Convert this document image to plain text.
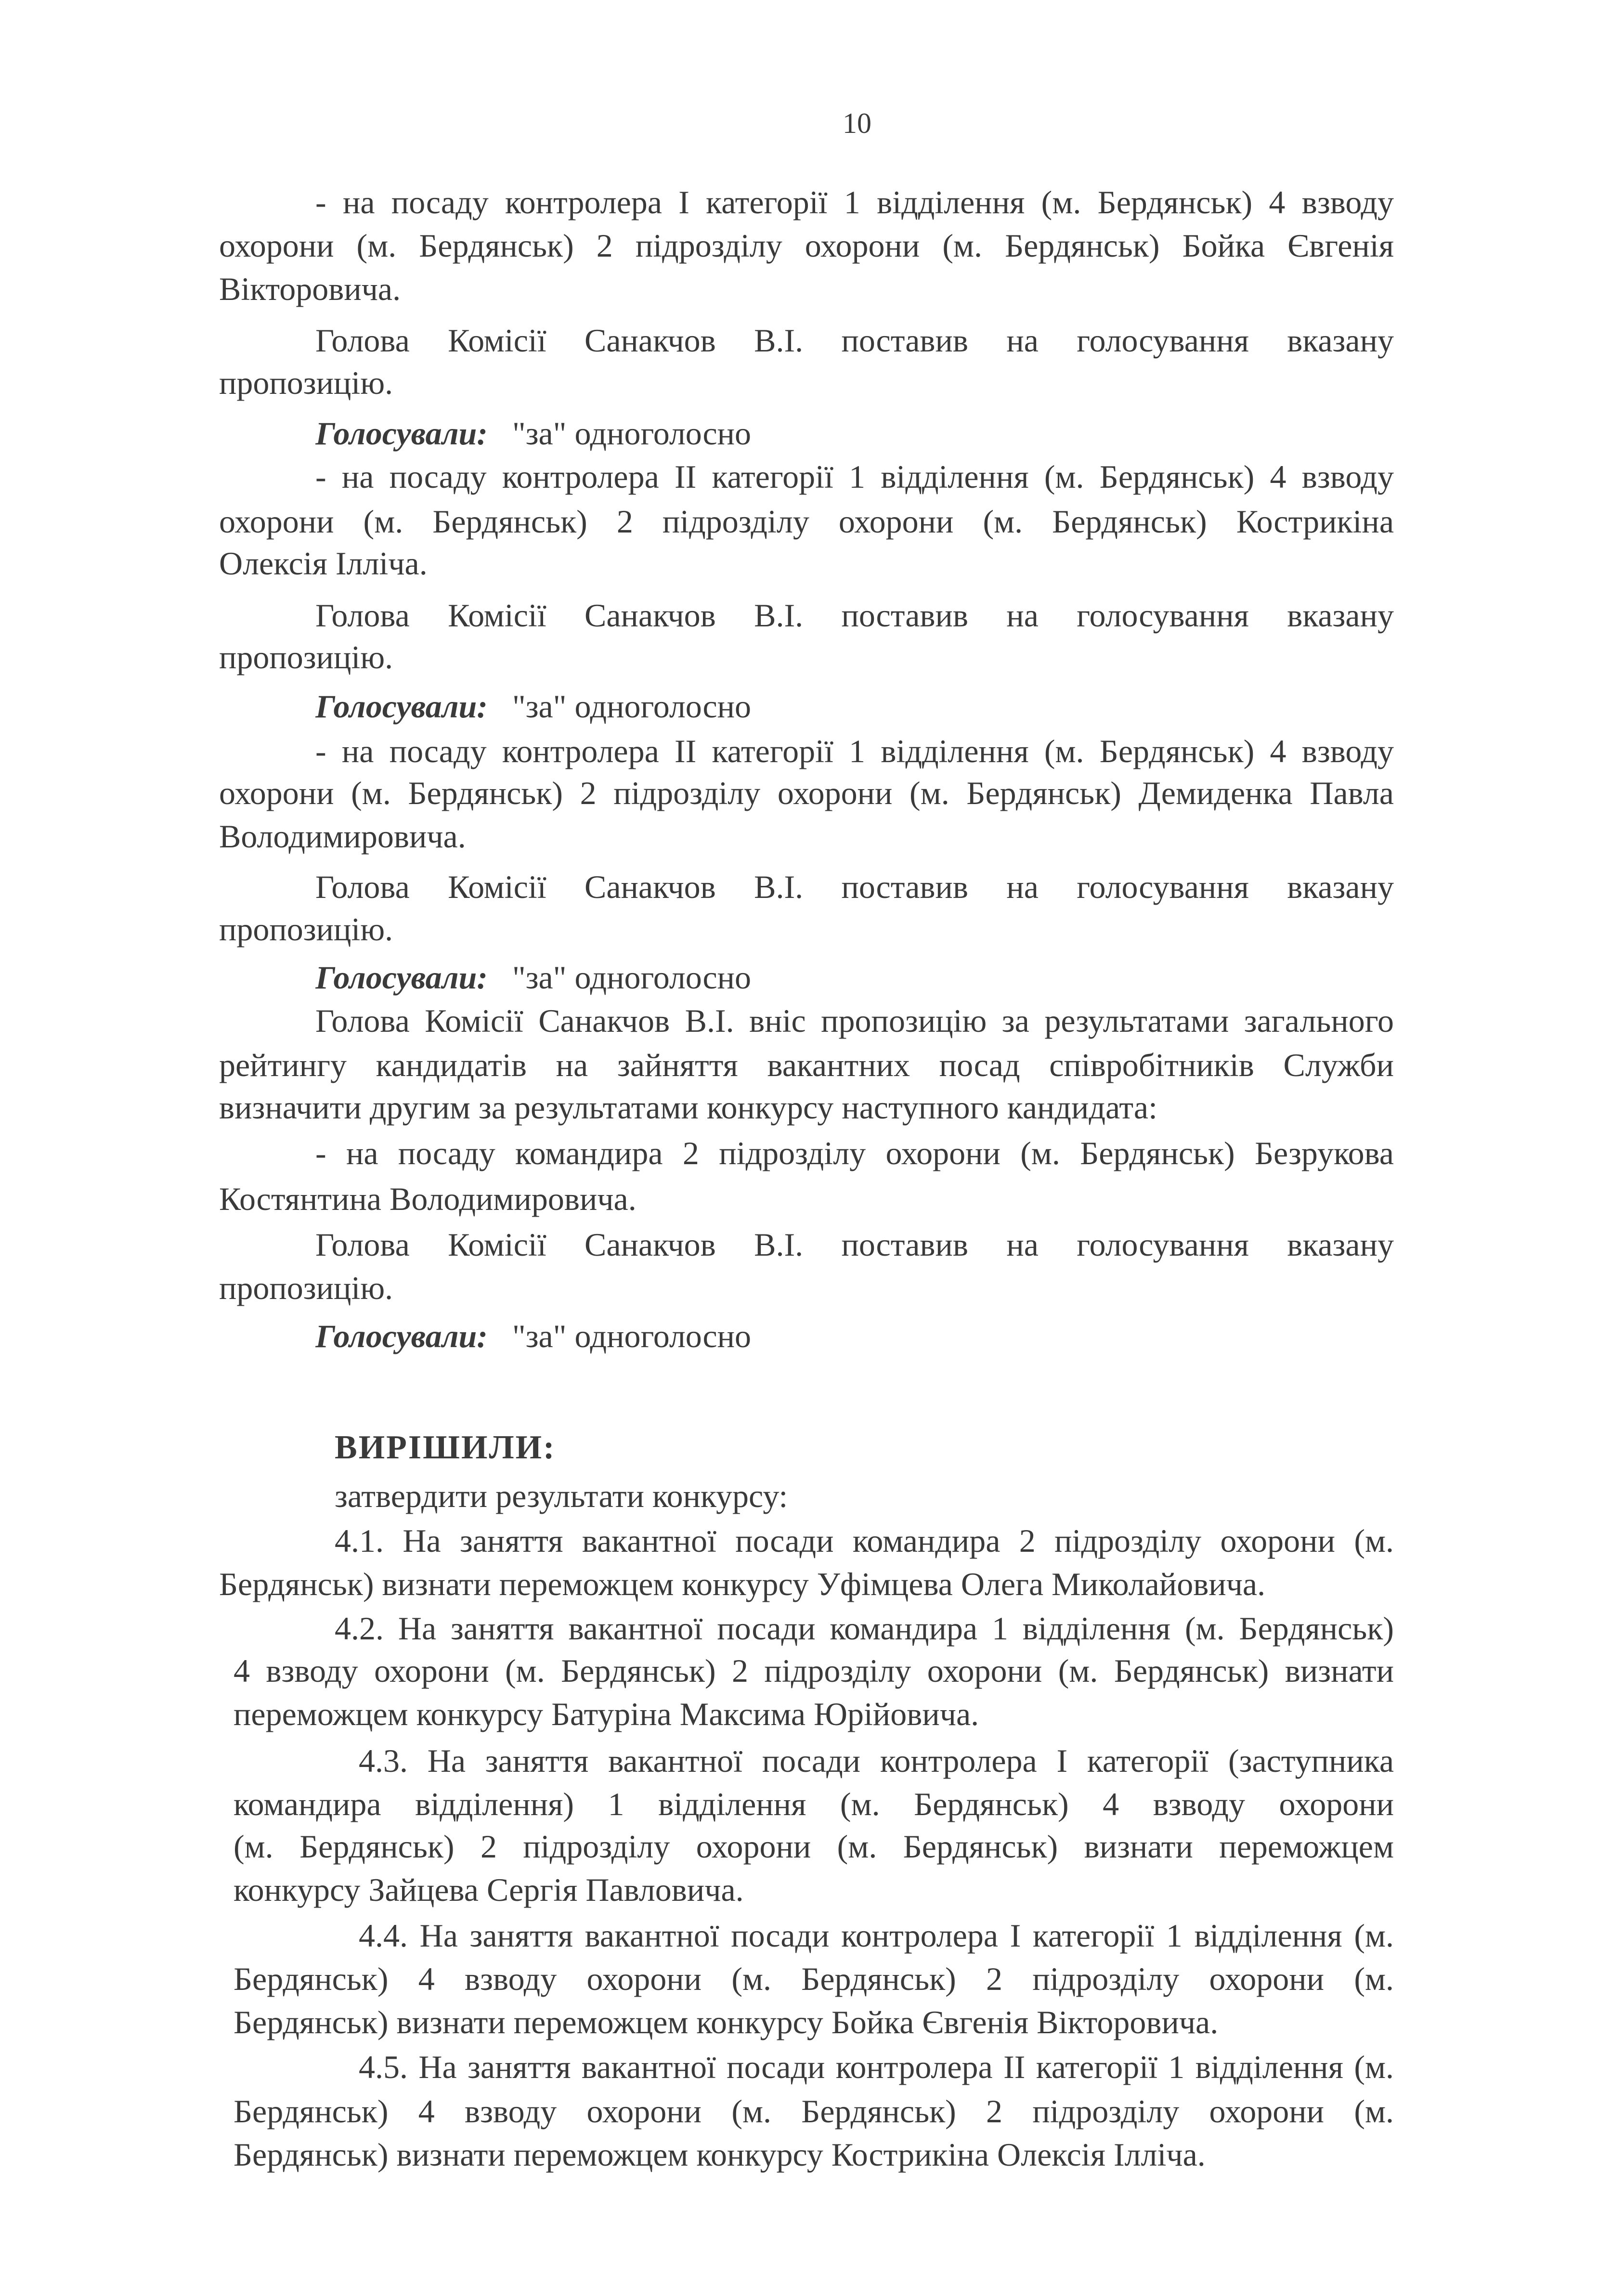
10
- на посаду контролера І категорії 1 відділення (м. Бердянськ) 4 взводу
охорони (м. Бердянськ) 2 підрозділу охорони (м. Бердянськ) Бойка Євгенія
Вікторовича.
Голова Комісії Санакчов В.І. поставив на голосування вказану
пропозицію.
Голосували: "за" одноголосно
- на посаду контролера ІІ категорії 1 відділення (м. Бердянськ) 4 взводу
охорони (м. Бердянськ) 2 підрозділу охорони (м. Бердянськ) Кострикіна
Олексія Ілліча.
Голова Комісії Санакчов В.І. поставив на голосування вказану
пропозицію.
Голосували: "за" одноголосно
- на посаду контролера ІІ категорії 1 відділення (м. Бердянськ) 4 взводу
охорони (м. Бердянськ) 2 підрозділу охорони (м. Бердянськ) Демиденка Павла
Володимировича.
Голова Комісії Санакчов В.І. поставив на голосування вказану
пропозицію.
Голосували: "за" одноголосно
Голова Комісії Санакчов В.І. вніс пропозицію за результатами загального
рейтингу кандидатів на зайняття вакантних посад співробітників Служби
визначити другим за результатами конкурсу наступного кандидата:
- на посаду командира 2 підрозділу охорони (м. Бердянськ) Безрукова
Костянтина Володимировича.
Голова Комісії Санакчов В.І. поставив на голосування вказану
пропозицію.
Голосували: "за" одноголосно
ВИРІШИЛИ:
затвердити результати конкурсу:
4.1. На заняття вакантної посади командира 2 підрозділу охорони (м.
Бердянськ) визнати переможцем конкурсу Уфімцева Олега Миколайовича.
4.2. На заняття вакантної посади командира 1 відділення (м. Бердянськ)
4 взводу охорони (м. Бердянськ) 2 підрозділу охорони (м. Бердянськ) визнати
переможцем конкурсу Батуріна Максима Юрійовича.
4.3. На заняття вакантної посади контролера І категорії (заступника
командира відділення) 1 відділення (м. Бердянськ) 4 взводу охорони
(м. Бердянськ) 2 підрозділу охорони (м. Бердянськ) визнати переможцем
конкурсу Зайцева Сергія Павловича.
4.4. На заняття вакантної посади контролера І категорії 1 відділення (м.
Бердянськ) 4 взводу охорони (м. Бердянськ) 2 підрозділу охорони (м.
Бердянськ) визнати переможцем конкурсу Бойка Євгенія Вікторовича.
4.5. На заняття вакантної посади контролера ІІ категорії 1 відділення (м.
Бердянськ) 4 взводу охорони (м. Бердянськ) 2 підрозділу охорони (м.
Бердянськ) визнати переможцем конкурсу Кострикіна Олексія Ілліча.
